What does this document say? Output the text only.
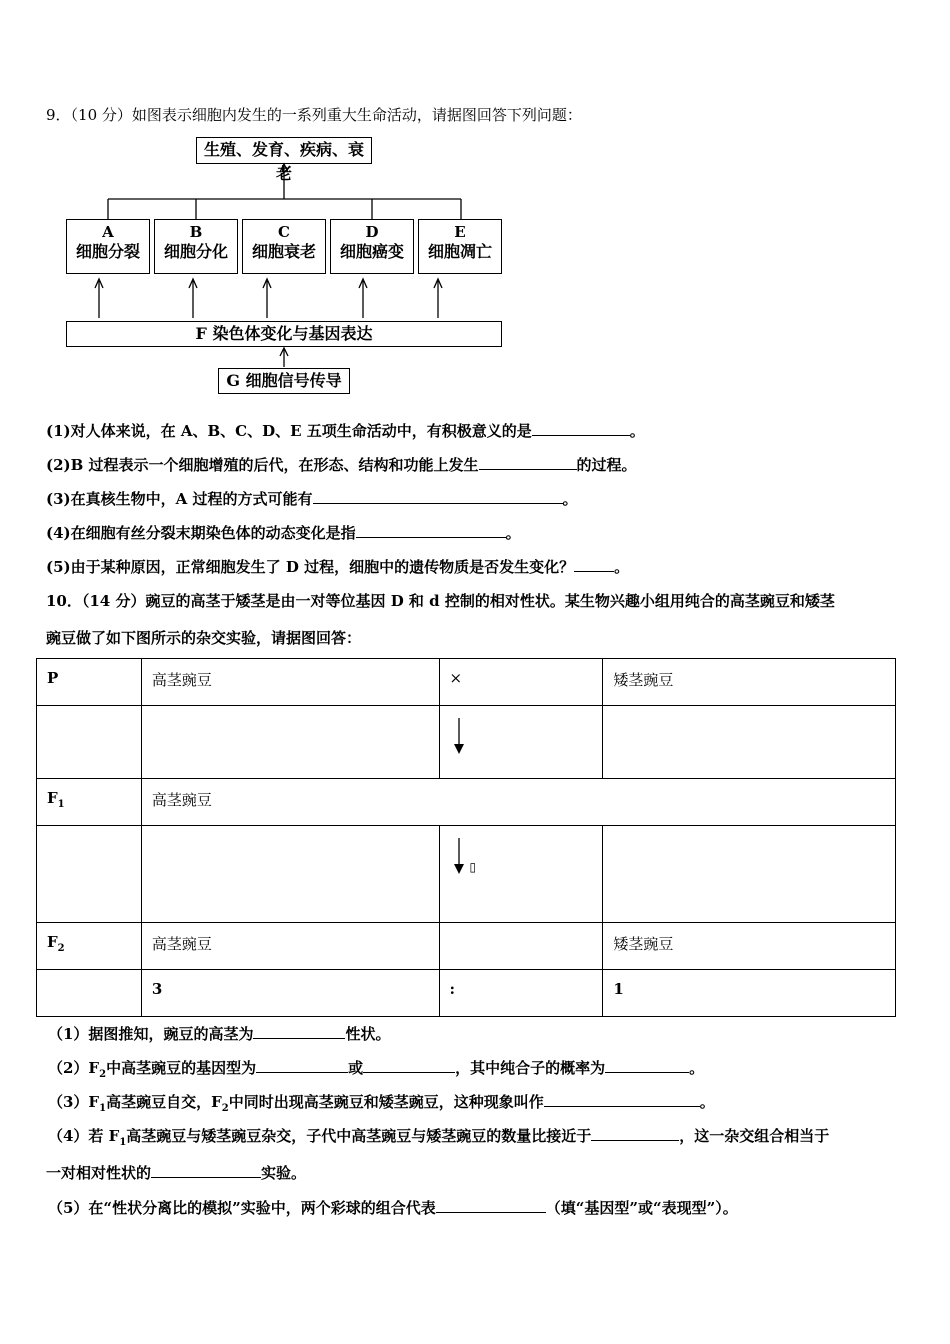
9．（10 分）如图表示细胞内发生的一系列重大生命活动，请据图回答下列问题：
生殖、发育、疾病、衰老
A
细胞分裂
B
细胞分化
C
细胞衰老
D
细胞癌变
E
细胞凋亡
F 染色体变化与基因表达
G 细胞信号传导
(1)对人体来说，在 A、B、C、D、E 五项生命活动中，有积极意义的是	。
(2)B 过程表示一个细胞增殖的后代，在形态、结构和功能上发生	的过程。
(3)在真核生物中，A 过程的方式可能有	。
(4)在细胞有丝分裂末期染色体的动态变化是指	。
(5)由于某种原因，正常细胞发生了 D 过程，细胞中的遗传物质是否发生变化？	。
10．（14 分）豌豆的高茎于矮茎是由一对等位基因 D 和 d 控制的相对性状。某生物兴趣小组用纯合的高茎豌豆和矮茎
豌豆做了如下图所示的杂交实验，请据图回答：
P	高茎豌豆	×	矮茎豌豆

$F_1$	高茎豌豆		
		$_▯$	
$F_2$	高茎豌豆		矮茎豌豆
	3	:	1
（1）据图推知，豌豆的高茎为	性状。
$(2)F_2$中高茎豌豆的基因型为	或	，其中纯合子的概率为	。
$(3)F_1$高茎豌豆自交，$F_2$中同时出现高茎豌豆和矮茎豌豆，这种现象叫作	。
（4）若 $F_1$高茎豌豆与矮茎豌豆杂交，子代中高茎豌豆与矮茎豌豆的数量比接近于	，这一杂交组合相当于
一对相对性状的	实验。
（5）在“性状分离比的模拟”实验中，两个彩球的组合代表	（填“基因型”或“表现型”）。
